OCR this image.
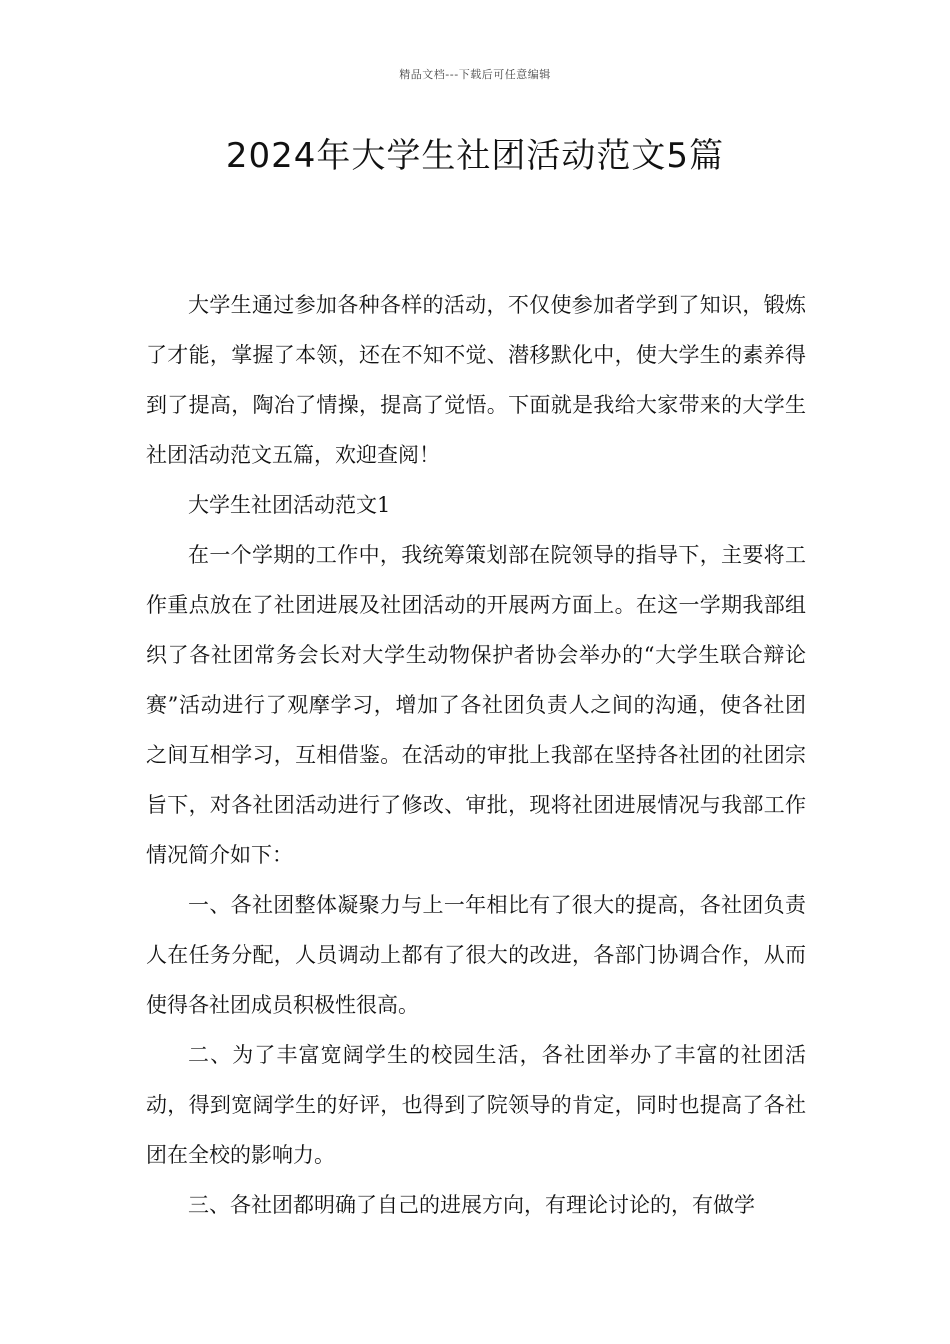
精品文档---下载后可任意编辑
2024年大学生社团活动范文5篇

大学生通过参加各种各样的活动，不仅使参加者学到了知识，锻炼了才能，掌握了本领，还在不知不觉、潜移默化中，使大学生的素养得到了提高，陶冶了情操，提高了觉悟。下面就是我给大家带来的大学生社团活动范文五篇，欢迎查阅！

大学生社团活动范文1

在一个学期的工作中，我统筹策划部在院领导的指导下，主要将工作重点放在了社团进展及社团活动的开展两方面上。在这一学期我部组织了各社团常务会长对大学生动物保护者协会举办的“大学生联合辩论赛”活动进行了观摩学习，增加了各社团负责人之间的沟通，使各社团之间互相学习，互相借鉴。在活动的审批上我部在坚持各社团的社团宗旨下，对各社团活动进行了修改、审批，现将社团进展情况与我部工作情况简介如下：

一、各社团整体凝聚力与上一年相比有了很大的提高，各社团负责人在任务分配，人员调动上都有了很大的改进，各部门协调合作，从而使得各社团成员积极性很高。

二、为了丰富宽阔学生的校园生活，各社团举办了丰富的社团活动，得到宽阔学生的好评，也得到了院领导的肯定，同时也提高了各社团在全校的影响力。

三、各社团都明确了自己的进展方向，有理论讨论的，有做学
